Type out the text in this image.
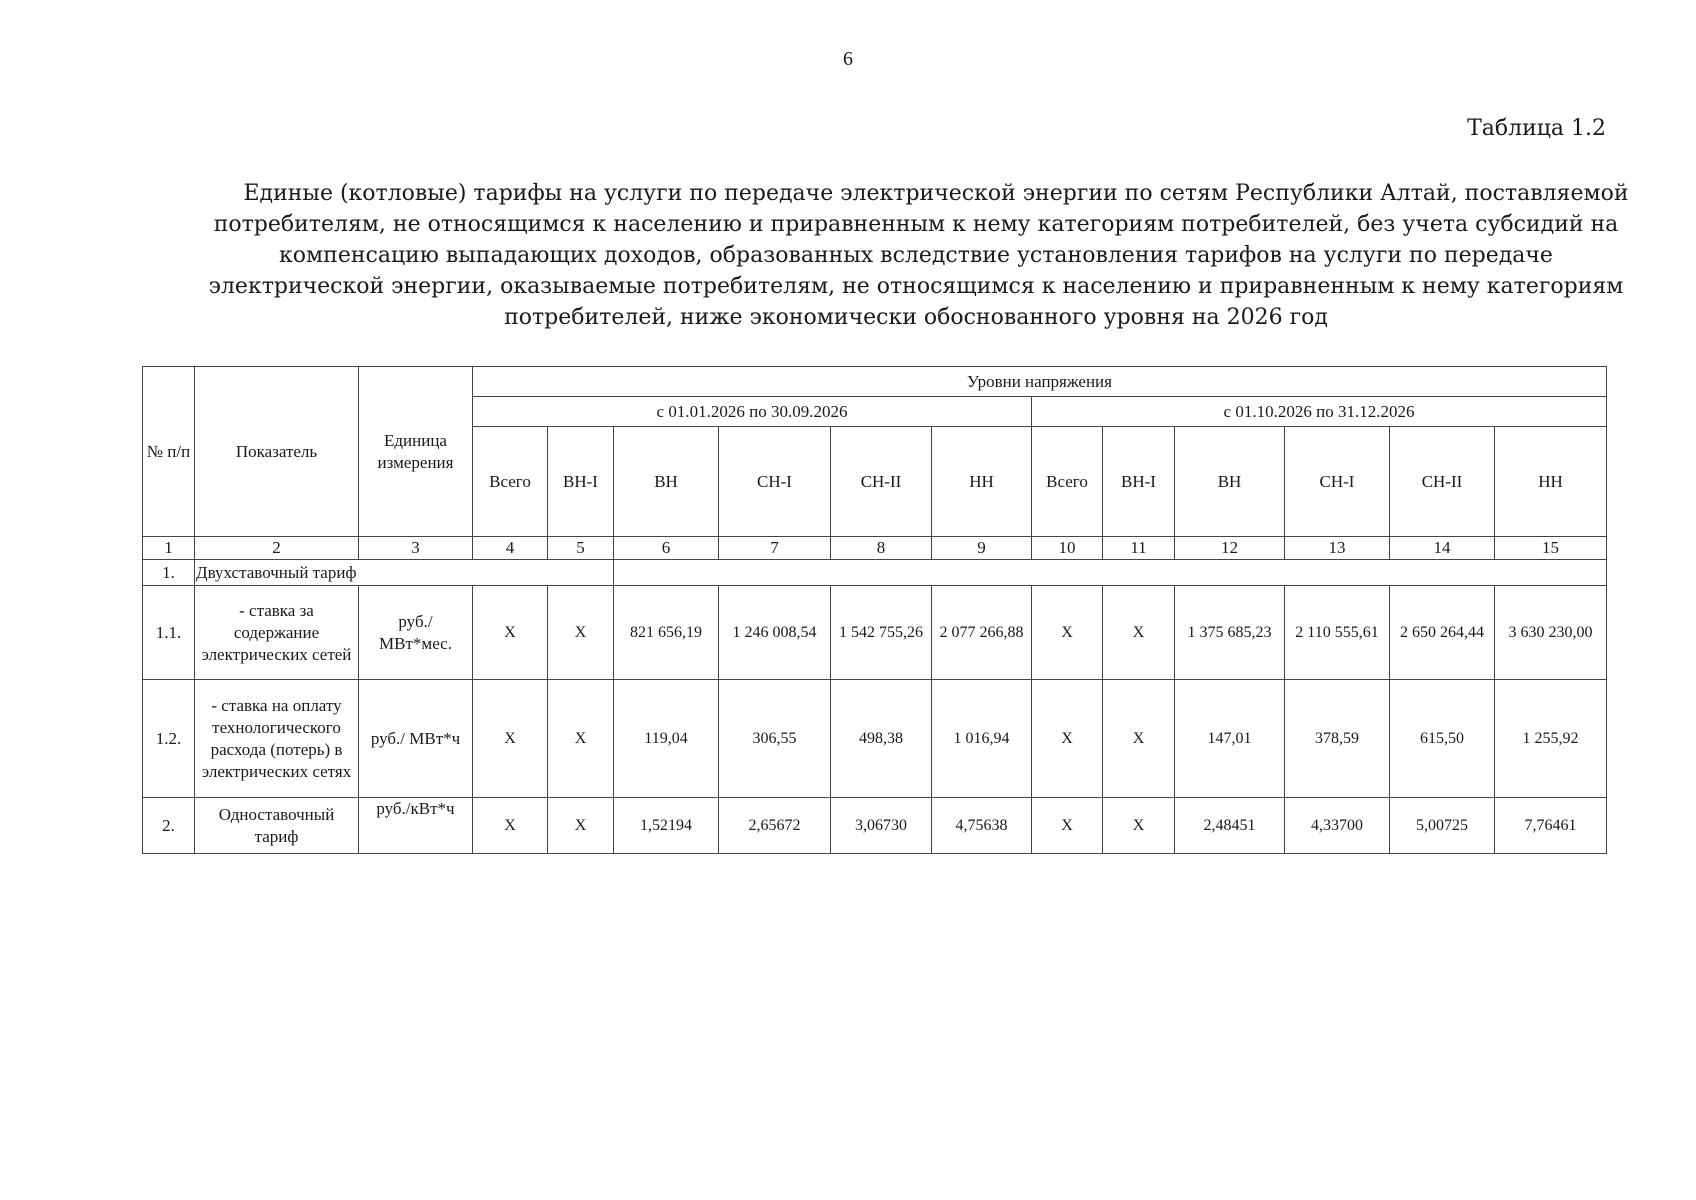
6
Таблица 1.2
Единые (котловые) тарифы на услуги по передаче электрической энергии по сетям Республики Алтай, поставляемой
потребителям, не относящимся к населению и приравненным к нему категориям потребителей, без учета субсидий на
компенсацию выпадающих доходов, образованных вследствие установления тарифов на услуги по передаче
электрической энергии, оказываемые потребителям, не относящимся к населению и приравненным к нему категориям
потребителей, ниже экономически обоснованного уровня на 2026 год
№ п/п	Показатель	Единица измерения	Уровни напряжения											
			с 01.01.2026 по 30.09.2026						с 01.10.2026 по 31.12.2026					
			Всего	ВН-I	ВН	СН-I	СН-II	НН	Всего	ВН-I	ВН	СН-I	СН-II	НН
1	2	3	4	5	6	7	8	9	10	11	12	13	14	15
1.	Двухставочный тариф													
1.1.	- ставка за содержание электрических сетей	руб./ МВт*мес.	X	X	821 656,19	1 246 008,54	1 542 755,26	2 077 266,88	X	X	1 375 685,23	2 110 555,61	2 650 264,44	3 630 230,00
1.2.	- ставка на оплату технологического расхода (потерь) в электрических сетях	руб./ МВт*ч	X	X	119,04	306,55	498,38	1 016,94	X	X	147,01	378,59	615,50	1 255,92
2.	Одноставочный тариф	руб./кВт*ч	X	X	1,52194	2,65672	3,06730	4,75638	X	X	2,48451	4,33700	5,00725	7,76461
